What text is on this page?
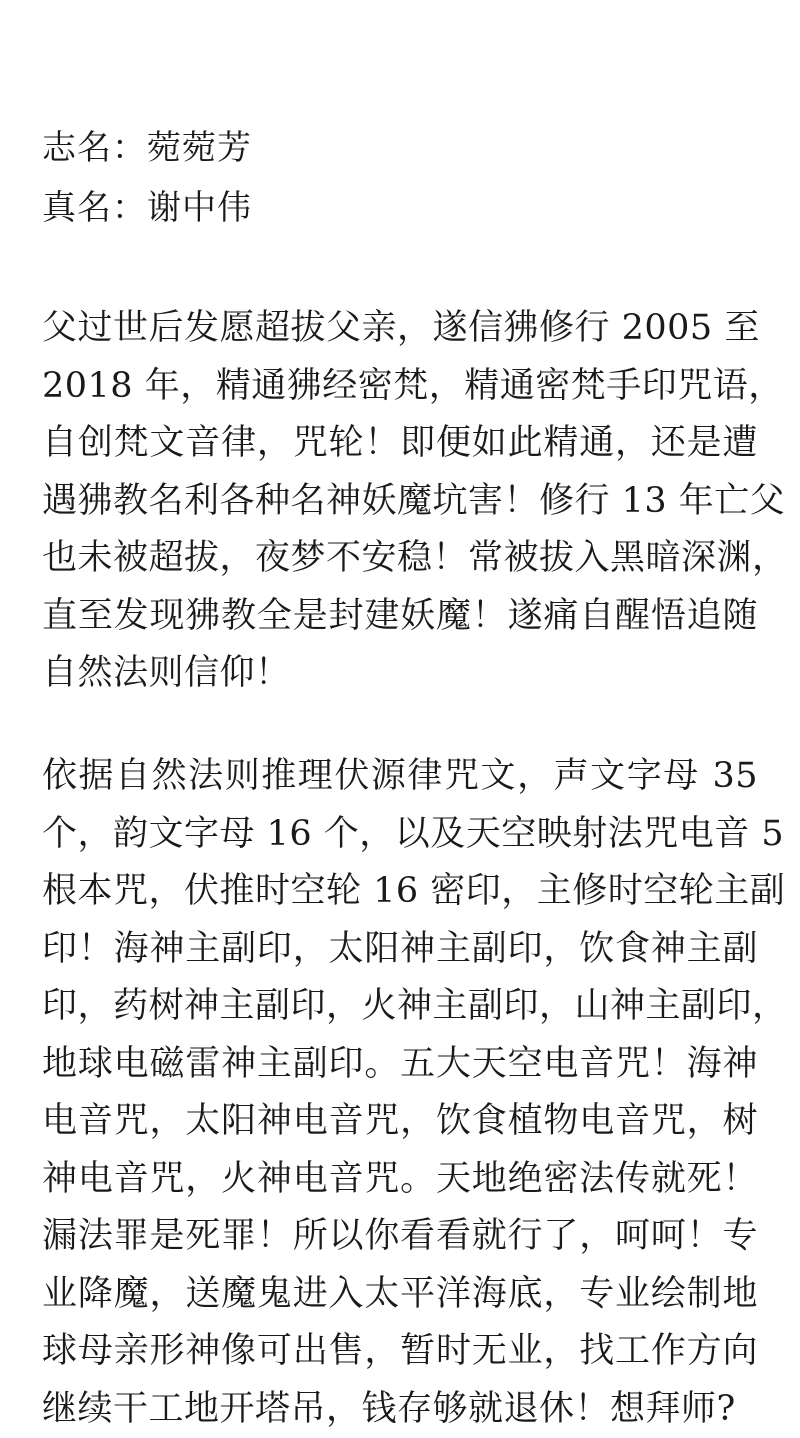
志名：菀菀芳
真名：谢中伟
父过世后发愿超拔父亲，遂信狒修行 2005 至
2018 年，精通狒经密梵，精通密梵手印咒语，
自创梵文音律，咒轮！即便如此精通，还是遭
遇狒教名利各种名神妖魔坑害！修行 13 年亡父
也未被超拔，夜梦不安稳！常被拔入黑暗深渊，
直至发现狒教全是封建妖魔！遂痛自醒悟追随
自然法则信仰！
依据自然法则推理伏源律咒文，声文字母 35
个，韵文字母 16 个，以及天空映射法咒电音 5
根本咒，伏推时空轮 16 密印，主修时空轮主副
印！海神主副印，太阳神主副印，饮食神主副
印，药树神主副印，火神主副印，山神主副印，
地球电磁雷神主副印。五大天空电音咒！海神
电音咒，太阳神电音咒，饮食植物电音咒，树
神电音咒，火神电音咒。天地绝密法传就死！
漏法罪是死罪！所以你看看就行了，呵呵！专
业降魔，送魔鬼进入太平洋海底，专业绘制地
球母亲形神像可出售，暂时无业，找工作方向
继续干工地开塔吊，钱存够就退休！想拜师?
